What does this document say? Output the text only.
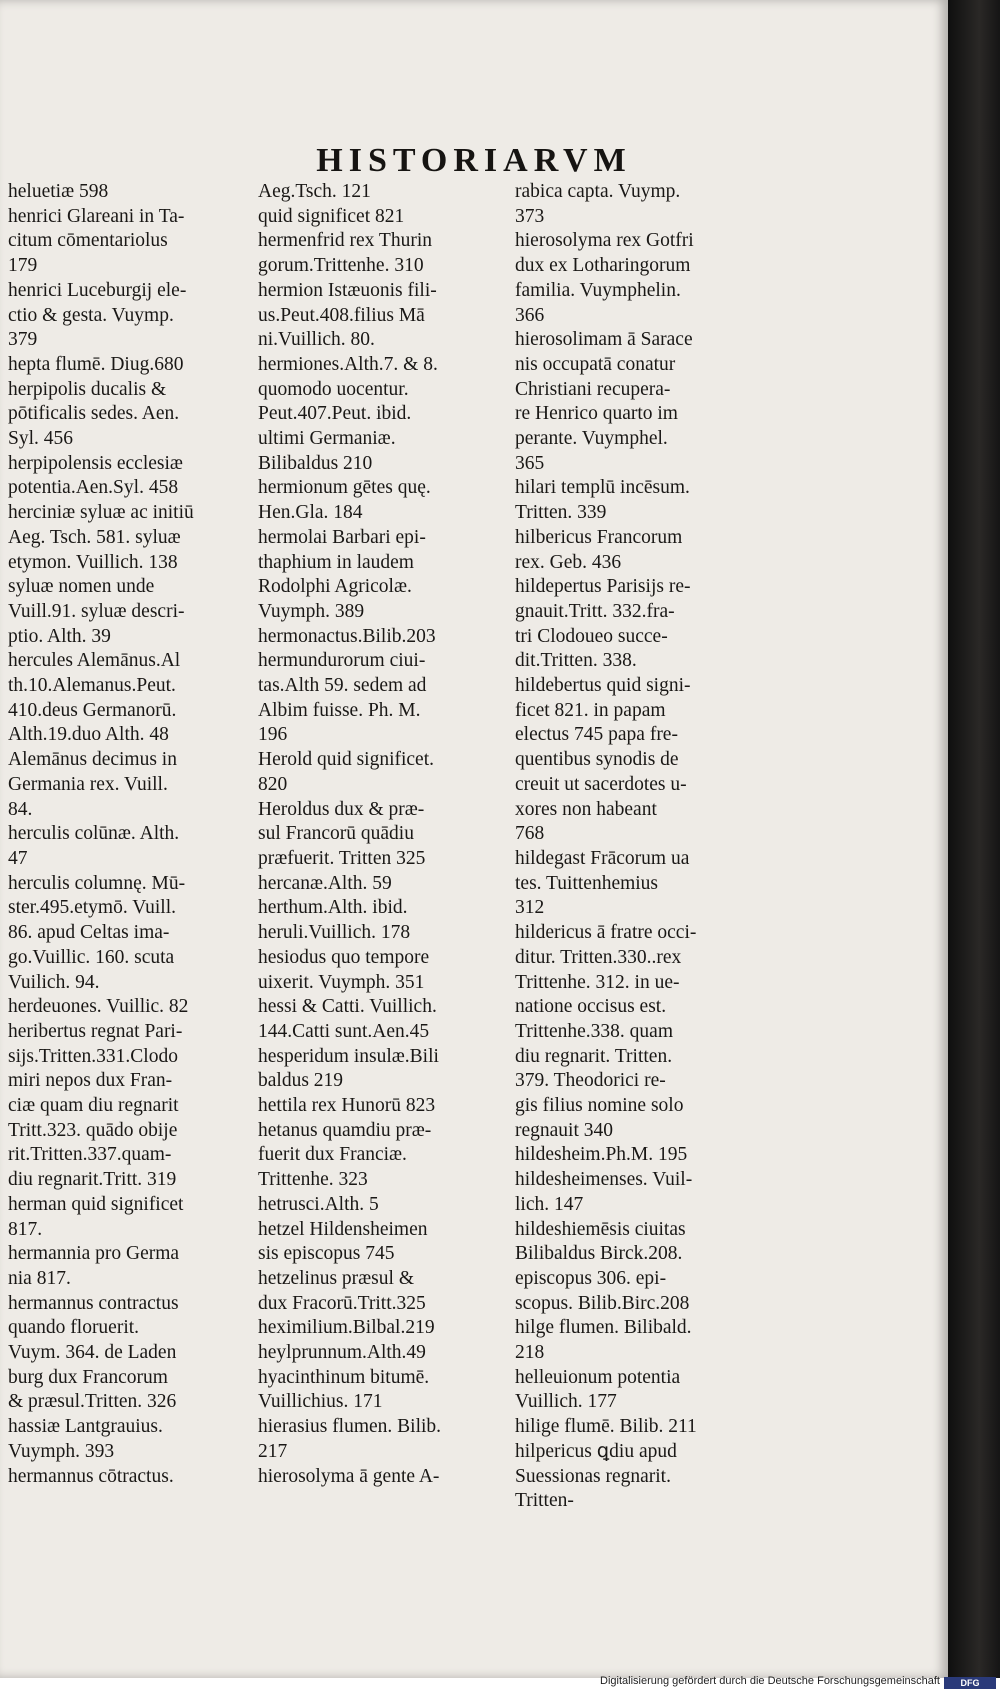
HISTORIARVM
heluetiæ 598
henrici Glareani in Ta-
citum cōmentariolus
179
henrici Luceburgij ele-
ctio & gesta. Vuymp.
379
hepta flumē. Diug.680
herpipolis ducalis &
pōtificalis sedes. Aen.
Syl. 456
herpipolensis ecclesiæ
potentia.Aen.Syl. 458
herciniæ syluæ ac initiū
Aeg. Tsch. 581. syluæ
etymon. Vuillich. 138
syluæ nomen unde
Vuill.91. syluæ descri-
ptio. Alth. 39
hercules Alemānus.Al
th.10.Alemanus.Peut.
410.deus Germanorū.
Alth.19.duo Alth. 48
Alemānus decimus in
Germania rex. Vuill.
84.
herculis colūnæ. Alth.
47
herculis columnę. Mū-
ster.495.etymō. Vuill.
86. apud Celtas ima-
go.Vuillic. 160. scuta
Vuilich. 94.
herdeuones. Vuillic. 82
heribertus regnat Pari-
sijs.Tritten.331.Clodo
miri nepos dux Fran-
ciæ quam diu regnarit
Tritt.323. quādo obije
rit.Tritten.337.quam-
diu regnarit.Tritt. 319
herman quid significet
817.
hermannia pro Germa
nia 817.
hermannus contractus
quando floruerit.
Vuym. 364. de Laden
burg dux Francorum
& præsul.Tritten. 326
hassiæ Lantgrauius.
Vuymph. 393
hermannus cōtractus.
Aeg.Tsch. 121
quid significet 821
hermenfrid rex Thurin
gorum.Trittenhe. 310
hermion Istæuonis fili-
us.Peut.408.filius Mā
ni.Vuillich. 80.
hermiones.Alth.7. & 8.
quomodo uocentur.
Peut.407.Peut. ibid.
ultimi Germaniæ.
Bilibaldus 210
hermionum gētes quę.
Hen.Gla. 184
hermolai Barbari epi-
thaphium in laudem
Rodolphi Agricolæ.
Vuymph. 389
hermonactus.Bilib.203
hermundurorum ciui-
tas.Alth 59. sedem ad
Albim fuisse. Ph. M.
196
Herold quid significet.
820
Heroldus dux & præ-
sul Francorū quādiu
præfuerit. Tritten 325
hercanæ.Alth. 59
herthum.Alth. ibid.
heruli.Vuillich. 178
hesiodus quo tempore
uixerit. Vuymph. 351
hessi & Catti. Vuillich.
144.Catti sunt.Aen.45
hesperidum insulæ.Bili
baldus 219
hettila rex Hunorū 823
hetanus quamdiu præ-
fuerit dux Franciæ.
Trittenhe. 323
hetrusci.Alth. 5
hetzel Hildensheimen
sis episcopus 745
hetzelinus præsul &
dux Fracorū.Tritt.325
heximilium.Bilbal.219
heylprunnum.Alth.49
hyacinthinum bitumē.
Vuillichius. 171
hierasius flumen. Bilib.
217
hierosolyma ā gente A-
rabica capta. Vuymp.
373
hierosolyma rex Gotfri
dux ex Lotharingorum
familia. Vuymphelin.
366
hierosolimam ā Sarace
nis occupatā conatur
Christiani recupera-
re Henrico quarto im
perante. Vuymphel.
365
hilari templū incēsum.
Tritten. 339
hilbericus Francorum
rex. Geb. 436
hildepertus Parisijs re-
gnauit.Tritt. 332.fra-
tri Clodoueo succe-
dit.Tritten. 338.
hildebertus quid signi-
ficet 821. in papam
electus 745 papa fre-
quentibus synodis de
creuit ut sacerdotes u-
xores non habeant
768
hildegast Frācorum ua
tes. Tuittenhemius
312
hildericus ā fratre occi-
ditur. Tritten.330..rex
Trittenhe. 312. in ue-
natione occisus est.
Trittenhe.338. quam
diu regnarit. Tritten.
379. Theodorici re-
gis filius nomine solo
regnauit 340
hildesheim.Ph.M. 195
hildesheimenses. Vuil-
lich. 147
hildeshiemēsis ciuitas
Bilibaldus Birck.208.
episcopus 306. epi-
scopus. Bilib.Birc.208
hilge flumen. Bilibald.
218
helleuionum potentia
Vuillich. 177
hilige flumē. Bilib. 211
hilpericus ꝗdiu apud
Suessionas regnarit.
Tritten-
Digitalisierung gefördert durch die Deutsche Forschungsgemeinschaft	DFG
